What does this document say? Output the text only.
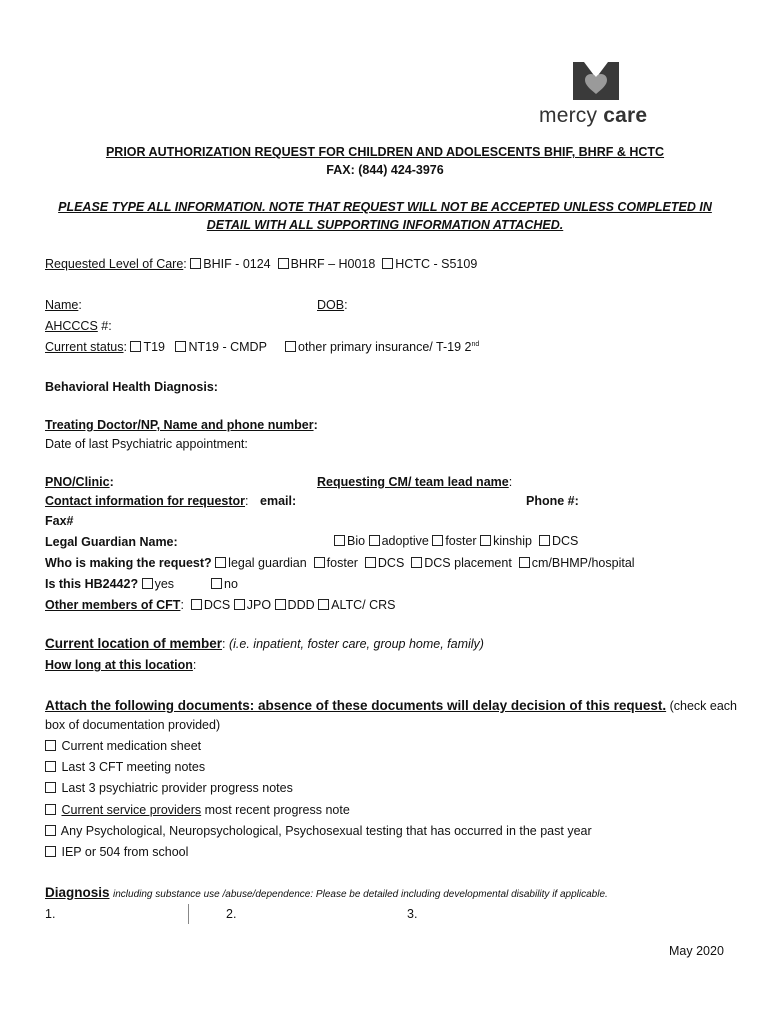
mercy care
PRIOR AUTHORIZATION REQUEST FOR CHILDREN AND ADOLESCENTS BHIF, BHRF & HCTC
FAX: (844) 424-3976
PLEASE TYPE ALL INFORMATION. NOTE THAT REQUEST WILL NOT BE ACCEPTED UNLESS COMPLETED IN
DETAIL WITH ALL SUPPORTING INFORMATION ATTACHED.
Requested Level of Care: BHIF - 0124 BHRF – H0018 HCTC - S5109
Name:	DOB:
AHCCCS #:
Current status: T19 NT19 - CMDP	other primary insurance/ T-19 2nd
Behavioral Health Diagnosis:
Treating Doctor/NP, Name and phone number:
Date of last Psychiatric appointment:
PNO/Clinic:	Requesting CM/ team lead name:
Contact information for requestor: email:	Phone #:
Fax#
Legal Guardian Name:	Bio adoptive foster kinship DCS
Who is making the request? legal guardian foster DCS DCS placement cm/BHMP/hospital
Is this HB2442? yes	no
Other members of CFT:  DCS JPO DDD ALTC/ CRS
Current location of member: (i.e. inpatient, foster care, group home, family)
How long at this location:
Attach the following documents: absence of these documents will delay decision of this request. (check each
box of documentation provided)
Current medication sheet
Last 3 CFT meeting notes
Last 3 psychiatric provider progress notes
Current service providers most recent progress note
Any Psychological, Neuropsychological, Psychosexual testing that has occurred in the past year
IEP or 504 from school
Diagnosis including substance use /abuse/dependence: Please be detailed including developmental disability if applicable.
1.	2.	3.
May 2020
